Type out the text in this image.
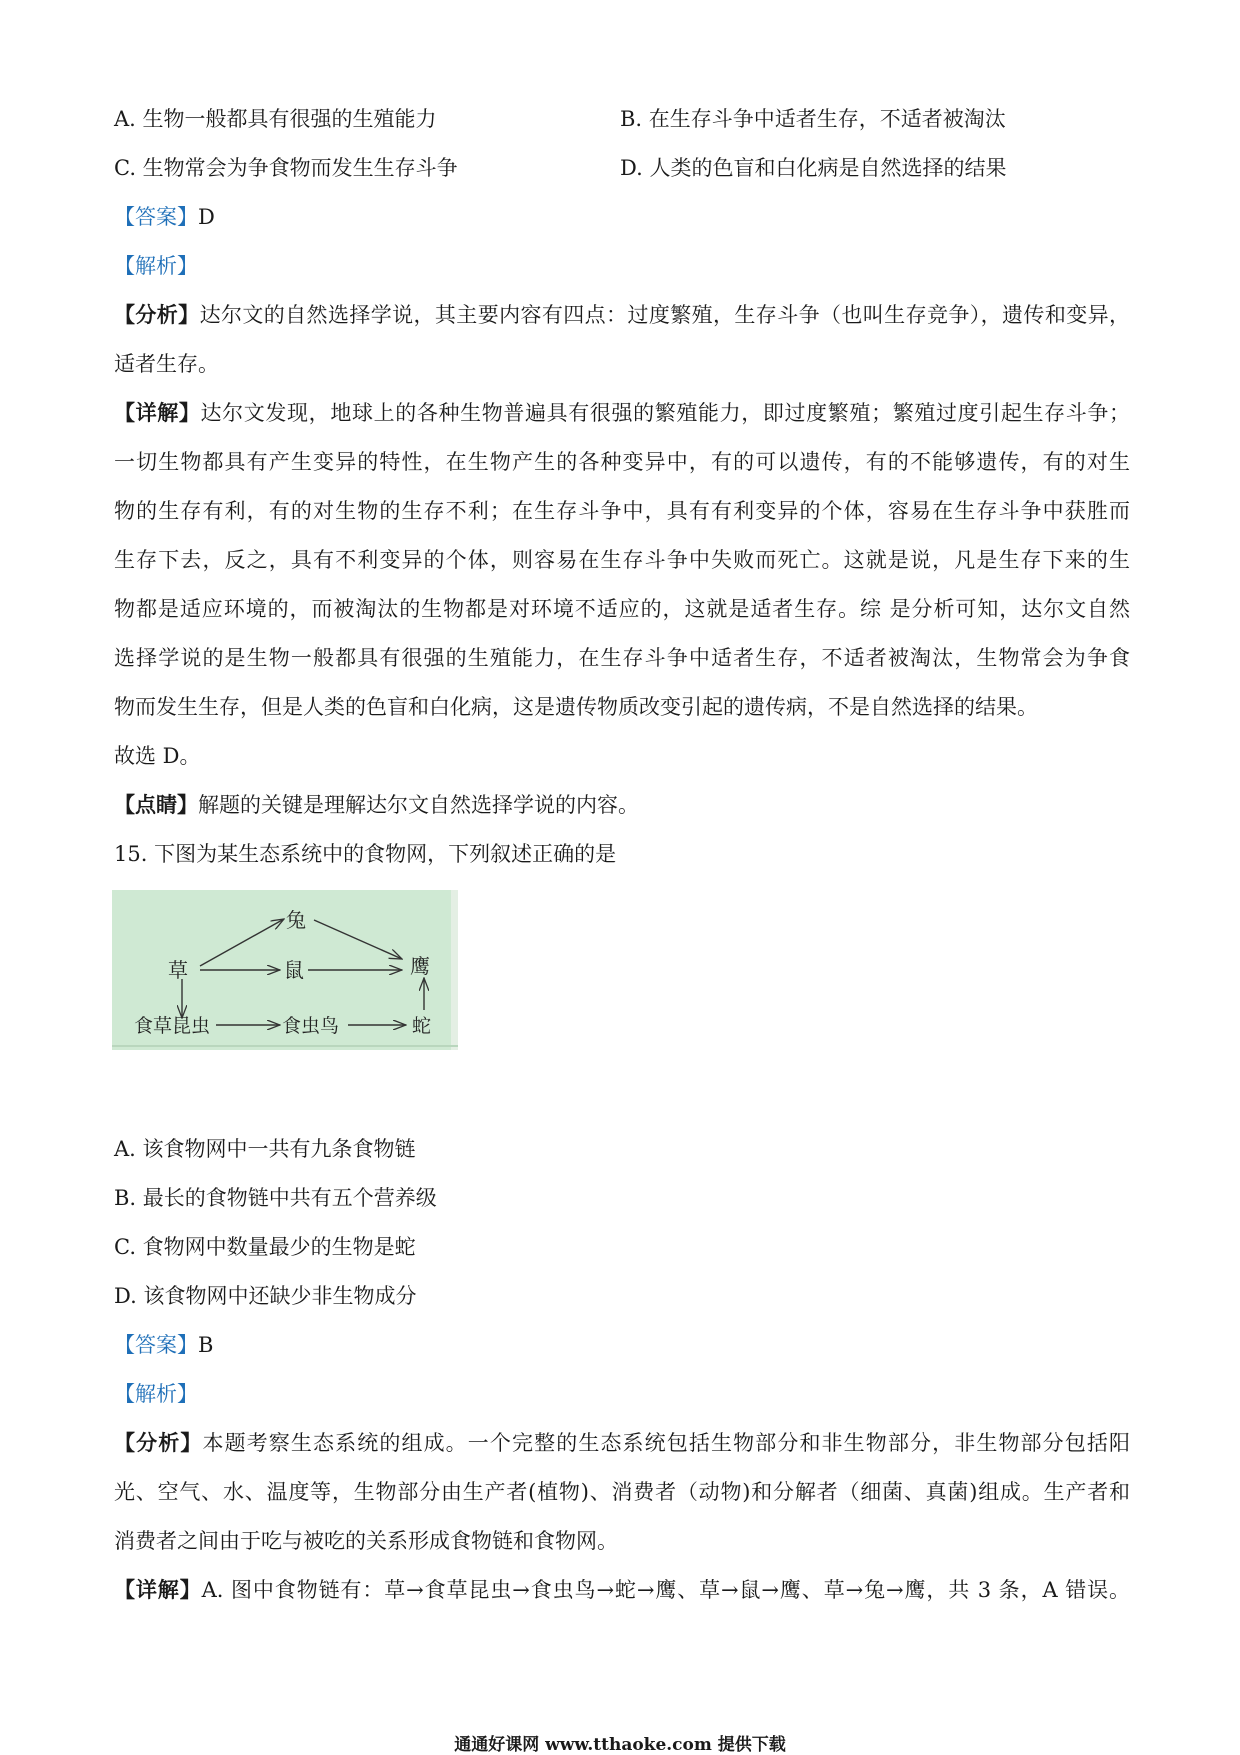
A. 生物一般都具有很强的生殖能力	B. 在生存斗争中适者生存，不适者被淘汰
C. 生物常会为争食物而发生生存斗争	D. 人类的色盲和白化病是自然选择的结果
【答案】D
【解析】
【分析】达尔文的自然选择学说，其主要内容有四点：过度繁殖，生存斗争（也叫生存竞争），遗传和变异，
适者生存。
【详解】达尔文发现，地球上的各种生物普遍具有很强的繁殖能力，即过度繁殖；繁殖过度引起生存斗争；
一切生物都具有产生变异的特性，在生物产生的各种变异中，有的可以遗传，有的不能够遗传，有的对生
物的生存有利，有的对生物的生存不利；在生存斗争中，具有有利变异的个体，容易在生存斗争中获胜而
生存下去，反之，具有不利变异的个体，则容易在生存斗争中失败而死亡。这就是说，凡是生存下来的生
物都是适应环境的，而被淘汰的生物都是对环境不适应的，这就是适者生存。综 是分析可知，达尔文自然
选择学说的是生物一般都具有很强的生殖能力，在生存斗争中适者生存，不适者被淘汰，生物常会为争食
物而发生生存，但是人类的色盲和白化病，这是遗传物质改变引起的遗传病，不是自然选择的结果。
故选 D。
【点睛】解题的关键是理解达尔文自然选择学说的内容。
15. 下图为某生态系统中的食物网，下列叙述正确的是
草
兔
鼠	鹰
食草昆虫	食虫鸟	蛇
A. 该食物网中一共有九条食物链
B. 最长的食物链中共有五个营养级
C. 食物网中数量最少的生物是蛇
D. 该食物网中还缺少非生物成分
【答案】B
【解析】
【分析】本题考察生态系统的组成。一个完整的生态系统包括生物部分和非生物部分，非生物部分包括阳
光、空气、水、温度等，生物部分由生产者(植物)、消费者（动物)和分解者（细菌、真菌)组成。生产者和
消费者之间由于吃与被吃的关系形成食物链和食物网。
【详解】A. 图中食物链有：草→食草昆虫→食虫鸟→蛇→鹰、草→鼠→鹰、草→兔→鹰，共 3 条，A 错误。
通通好课网 www.tthaoke.com 提供下载
